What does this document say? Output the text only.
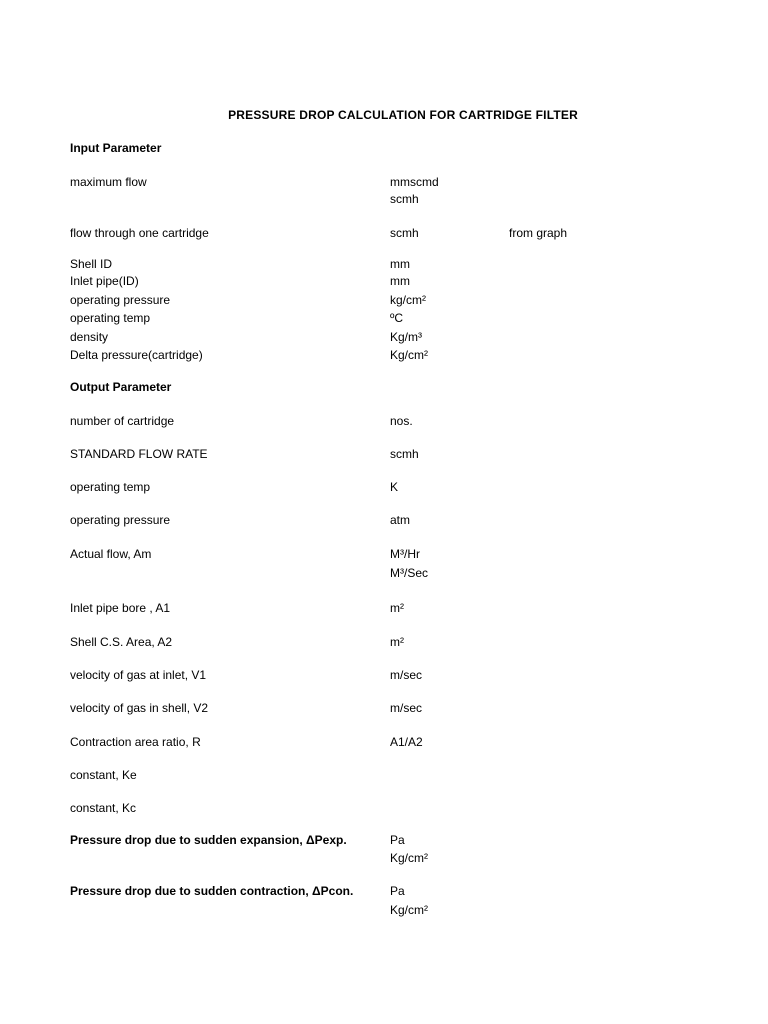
PRESSURE DROP CALCULATION FOR CARTRIDGE FILTER
Input Parameter
maximum flow	mmscmd
scmh
flow through one cartridge	scmh	from graph
Shell ID	mm
Inlet pipe(ID)	mm
operating pressure	kg/cm²
operating temp	ºC
density	Kg/m³
Delta pressure(cartridge)	Kg/cm²
Output Parameter
number of cartridge	nos.
STANDARD FLOW RATE	scmh
operating temp	K
operating pressure	atm
Actual flow, Am	M³/Hr
M³/Sec
Inlet pipe bore , A1	m²
Shell C.S. Area, A2	m²
velocity of gas at inlet, V1	m/sec
velocity of gas in shell, V2	m/sec
Contraction area ratio, R	A1/A2
constant, Ke
constant, Kc
Pressure drop due to sudden expansion, ΔPexp.	Pa
Kg/cm²
Pressure drop due to sudden contraction, ΔPcon.	Pa
Kg/cm²
